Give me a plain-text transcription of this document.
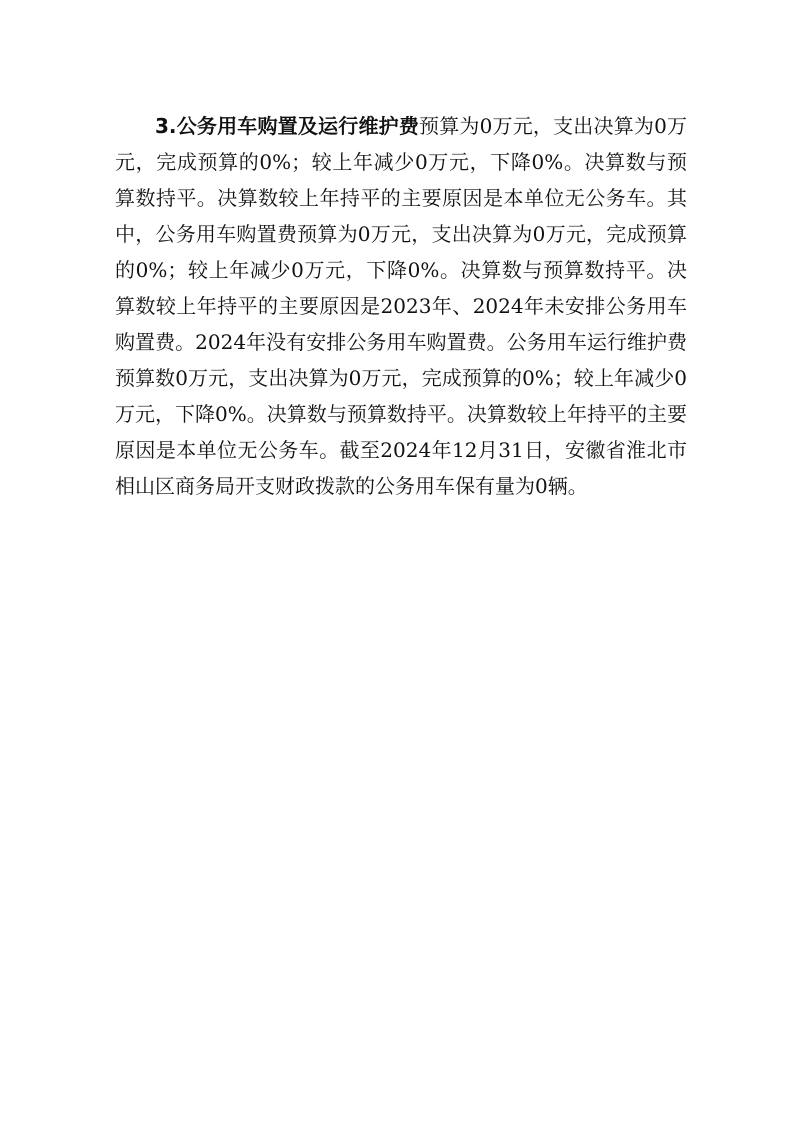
3.公务用车购置及运行维护费预算为0万元，支出决算为0万元，完成预算的0%；较上年减少0万元，下降0%。决算数与预算数持平。决算数较上年持平的主要原因是本单位无公务车。其中，公务用车购置费预算为0万元，支出决算为0万元，完成预算的0%；较上年减少0万元，下降0%。决算数与预算数持平。决算数较上年持平的主要原因是2023年、2024年未安排公务用车购置费。2024年没有安排公务用车购置费。公务用车运行维护费预算数0万元，支出决算为0万元，完成预算的0%；较上年减少0万元，下降0%。决算数与预算数持平。决算数较上年持平的主要原因是本单位无公务车。截至2024年12月31日，安徽省淮北市相山区商务局开支财政拨款的公务用车保有量为0辆。
